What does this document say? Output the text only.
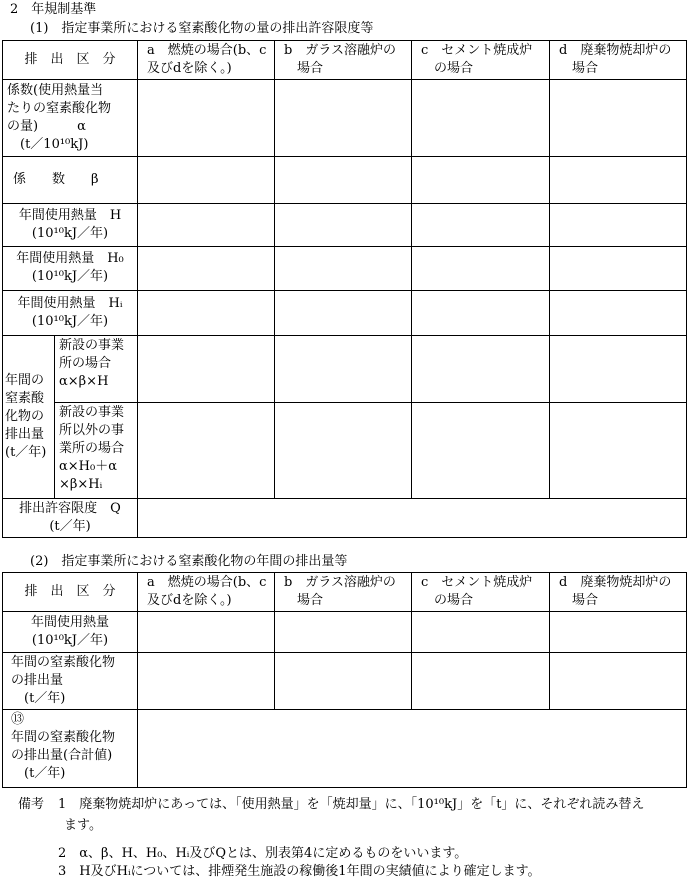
2　年規制基準
(1)　指定事業所における窒素酸化物の量の排出許容限度等
排　出　区　分		a　燃焼の場合(b、c
及びdを除く。)	b　ガラス溶融炉の
　場合	c　セメント焼成炉
　の場合	d　廃棄物焼却炉の
　場合
係数(使用熱量当
たりの窒素酸化物
の量)　　　α
　(t／10¹⁰kJ)					
係　　数　　β					
年間使用熱量　H
(10¹⁰kJ／年)					
年間使用熱量　H₀
(10¹⁰kJ／年)					
年間使用熱量　Hᵢ
(10¹⁰kJ／年)					
年間の
窒素酸
化物の
排出量
(t／年)	新設の事業
所の場合
α×β×H				
	新設の事業
所以外の事
業所の場合
α×H₀＋α
×β×Hᵢ				
排出許容限度　Q
(t／年)					
(2)　指定事業所における窒素酸化物の年間の排出量等
排　出　区　分	a　燃焼の場合(b、c
及びdを除く。)	b　ガラス溶融炉の
　場合	c　セメント焼成炉
　の場合	d　廃棄物焼却炉の
　場合
年間使用熱量
(10¹⁰kJ／年)				
年間の窒素酸化物
の排出量
　(t／年)				
⑬
年間の窒素酸化物
の排出量(合計値)
　(t／年)				
備考 1　廃棄物焼却炉にあっては、「使用熱量」を「焼却量」に、「10¹⁰kJ」を「t」に、それぞれ読み替え
ます。
2　α、β、H、H₀、Hᵢ及びQとは、別表第4に定めるものをいいます。
3　H及びHᵢについては、排煙発生施設の稼働後1年間の実績値により確定します。
